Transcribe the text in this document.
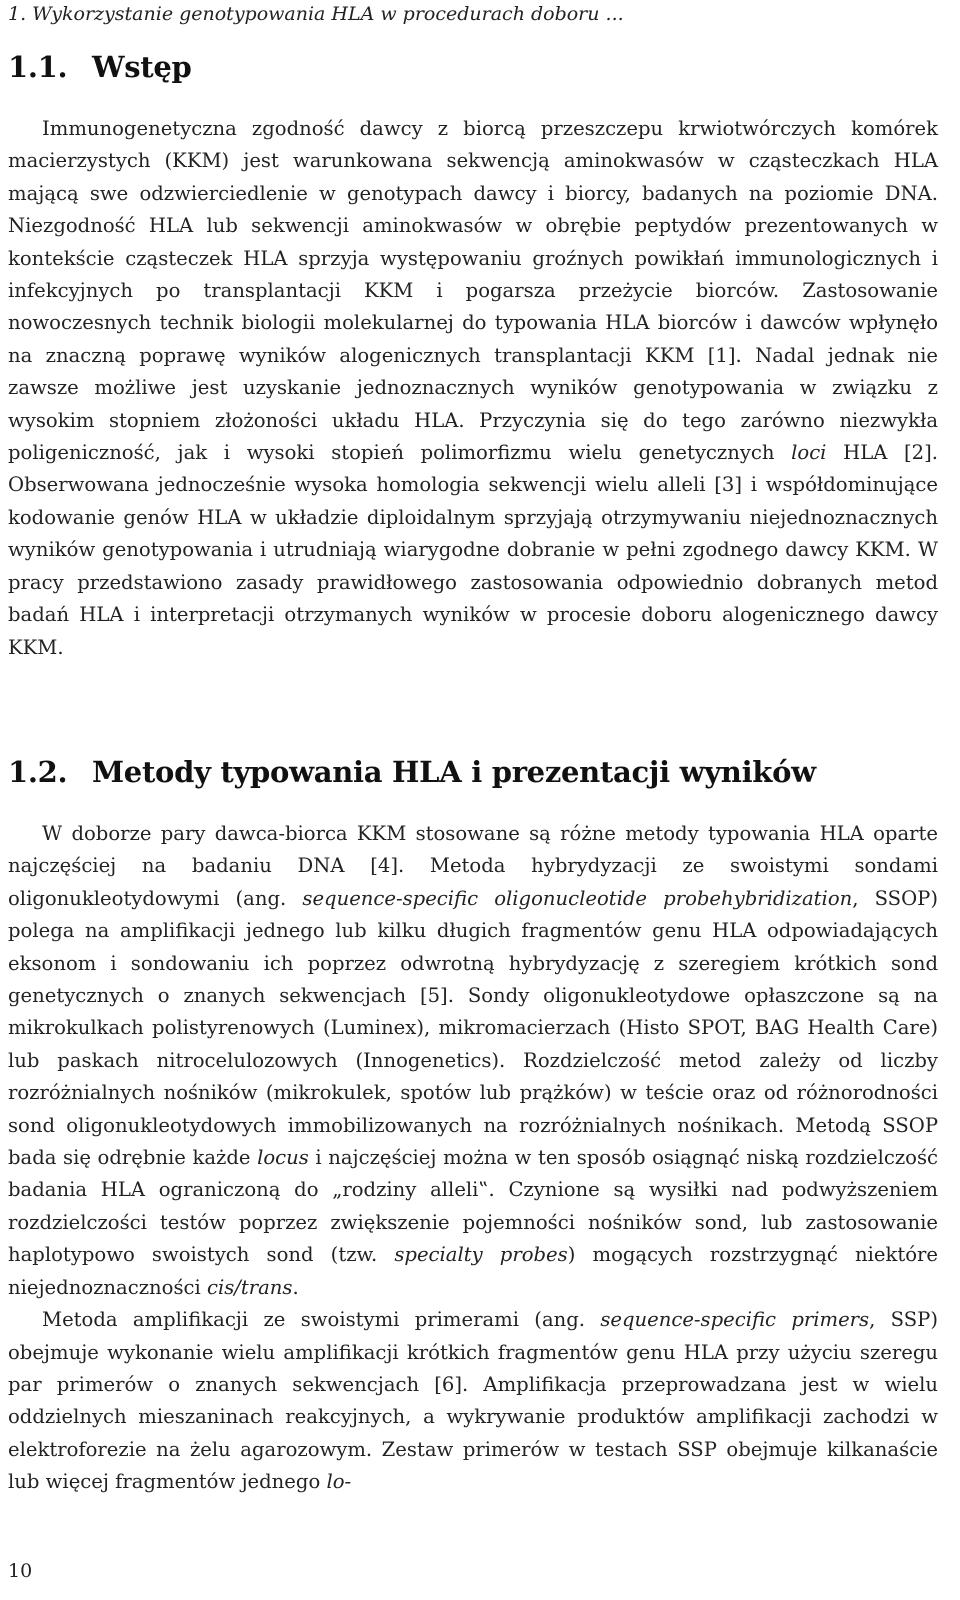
1. Wykorzystanie genotypowania HLA w procedurach doboru ...
1.1. Wstęp

Immunogenetyczna zgodność dawcy z biorcą przeszczepu krwiotwórczych komórek macierzystych (KKM) jest warunkowana sekwencją aminokwasów w cząsteczkach HLA mającą swe odzwierciedlenie w genotypach dawcy i biorcy, badanych na poziomie DNA. Niezgodność HLA lub sekwencji aminokwasów w obrębie peptydów prezentowanych w kontekście cząsteczek HLA sprzyja występowaniu groźnych powikłań immunologicznych i infekcyjnych po transplantacji KKM i pogarsza przeżycie biorców. Zastosowanie nowoczesnych technik biologii molekularnej do typowania HLA biorców i dawców wpłynęło na znaczną poprawę wyników alogenicznych transplantacji KKM [1]. Nadal jednak nie zawsze możliwe jest uzyskanie jednoznacznych wyników genotypowania w związku z wysokim stopniem złożoności układu HLA. Przyczynia się do tego zarówno niezwykła poligeniczność, jak i wysoki stopień polimorfizmu wielu genetycznych loci HLA [2]. Obserwowana jednocześnie wysoka homologia sekwencji wielu alleli [3] i współdominujące kodowanie genów HLA w układzie diploidalnym sprzyjają otrzymywaniu niejednoznacznych wyników genotypowania i utrudniają wiarygodne dobranie w pełni zgodnego dawcy KKM. W pracy przedstawiono zasady prawidłowego zastosowania odpowiednio dobranych metod badań HLA i interpretacji otrzymanych wyników w procesie doboru alogenicznego dawcy KKM.

1.2. Metody typowania HLA i prezentacji wyników

W doborze pary dawca-biorca KKM stosowane są różne metody typowania HLA oparte najczęściej na badaniu DNA [4]. Metoda hybrydyzacji ze swoistymi sondami oligonukleotydowymi (ang. sequence-specific oligonucleotide probehybridization, SSOP) polega na amplifikacji jednego lub kilku długich fragmentów genu HLA odpowiadających eksonom i sondowaniu ich poprzez odwrotną hybrydyzację z szeregiem krótkich sond genetycznych o znanych sekwencjach [5]. Sondy oligonukleotydowe opłaszczone są na mikrokulkach polistyrenowych (Luminex), mikromacierzach (Histo SPOT, BAG Health Care) lub paskach nitrocelulozowych (Innogenetics). Rozdzielczość metod zależy od liczby rozróżnialnych nośników (mikrokulek, spotów lub prążków) w teście oraz od różnorodności sond oligonukleotydowych immobilizowanych na rozróżnialnych nośnikach. Metodą SSOP bada się odrębnie każde locus i najczęściej można w ten sposób osiągnąć niską rozdzielczość badania HLA ograniczoną do „rodziny alleli‟. Czynione są wysiłki nad podwyższeniem rozdzielczości testów poprzez zwiększenie pojemności nośników sond, lub zastosowanie haplotypowo swoistych sond (tzw. specialty probes) mogących rozstrzygnąć niektóre niejednoznaczności cis/trans.

Metoda amplifikacji ze swoistymi primerami (ang. sequence-specific primers, SSP) obejmuje wykonanie wielu amplifikacji krótkich fragmentów genu HLA przy użyciu szeregu par primerów o znanych sekwencjach [6]. Amplifikacja przeprowadzana jest w wielu oddzielnych mieszaninach reakcyjnych, a wykrywanie produktów amplifikacji zachodzi w elektroforezie na żelu agarozowym. Zestaw primerów w testach SSP obejmuje kilkanaście lub więcej fragmentów jednego lo-

10
